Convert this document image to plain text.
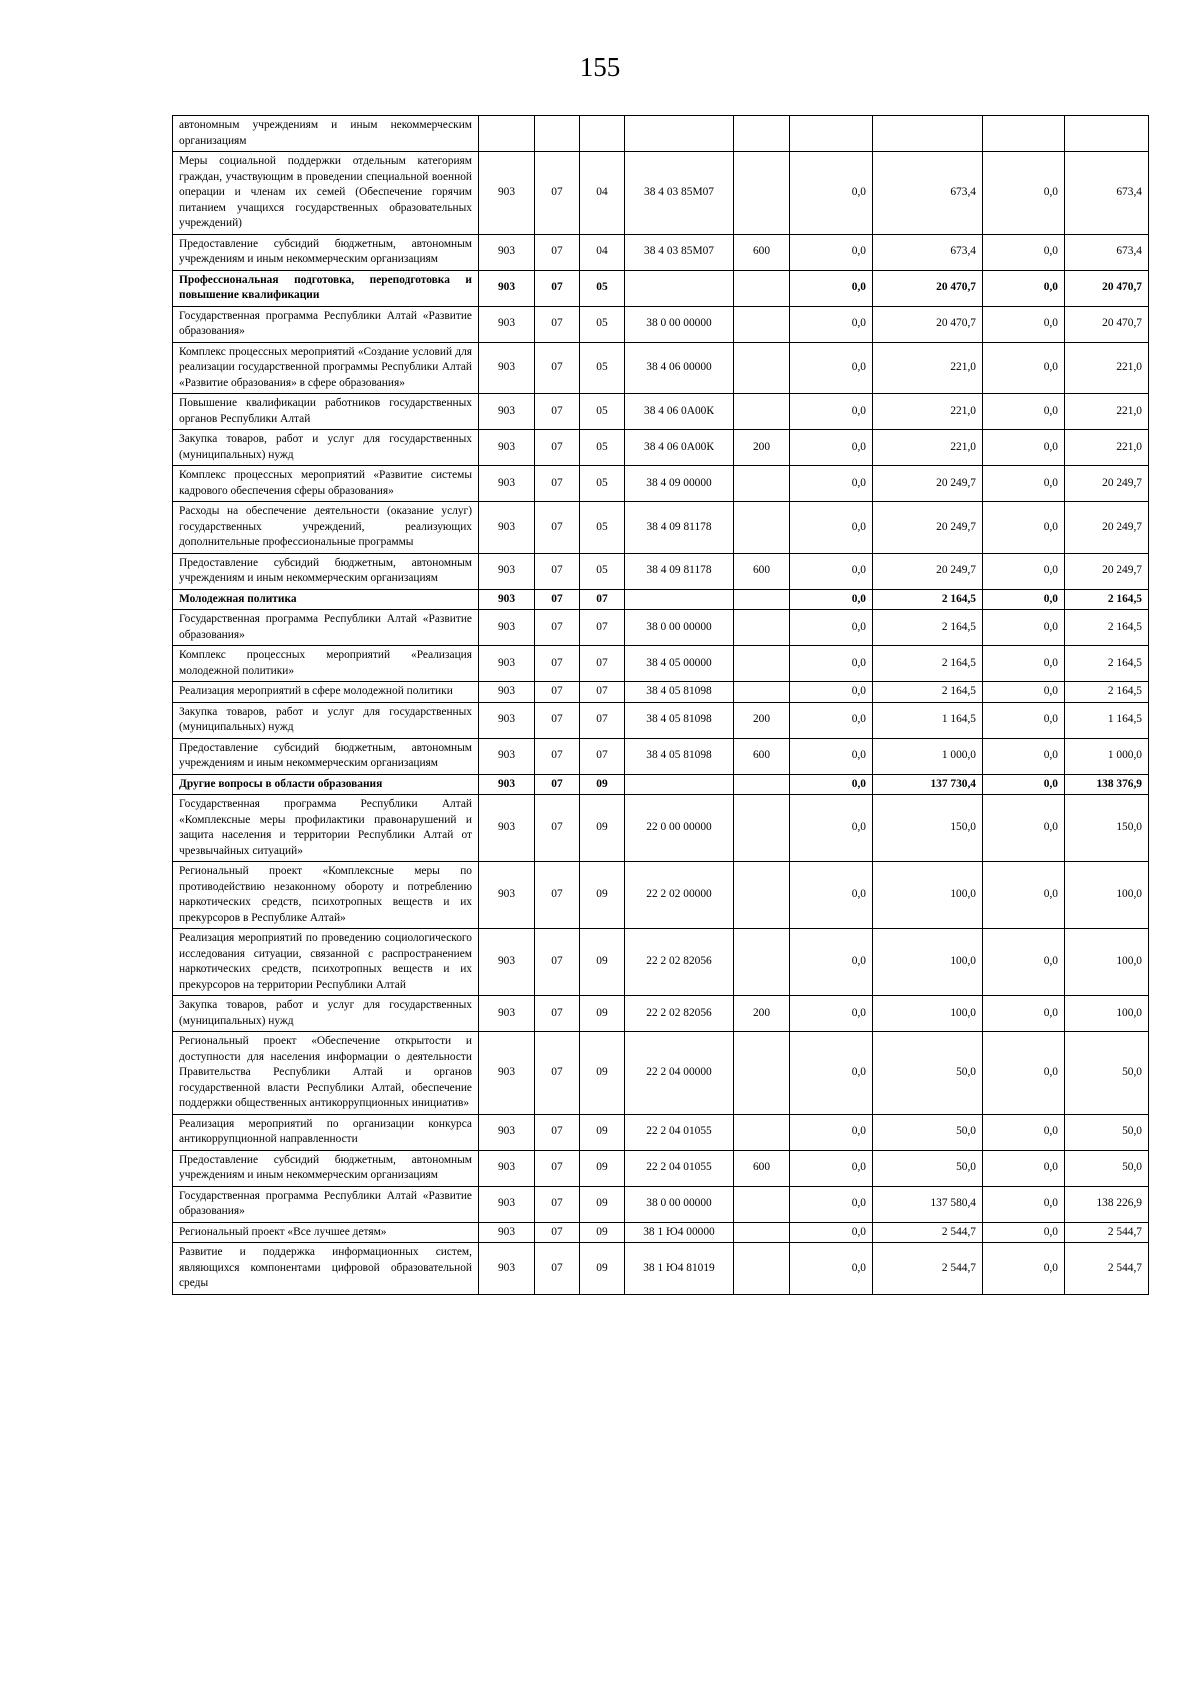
155
автономным учреждениям и иным некоммерческим организациям									
Меры социальной поддержки отдельным категориям граждан, участвующим в проведении специальной военной операции и членам их семей (Обеспечение горячим питанием учащихся государственных образовательных учреждений)	903	07	04	38 4 03 85М07		0,0	673,4	0,0	673,4
Предоставление субсидий бюджетным, автономным учреждениям и иным некоммерческим организациям	903	07	04	38 4 03 85М07	600	0,0	673,4	0,0	673,4
Профессиональная подготовка, переподготовка и повышение квалификации	903	07	05			0,0	20 470,7	0,0	20 470,7
Государственная программа Республики Алтай «Развитие образования»	903	07	05	38 0 00 00000		0,0	20 470,7	0,0	20 470,7
Комплекс процессных мероприятий «Создание условий для реализации государственной программы Республики Алтай «Развитие образования» в сфере образования»	903	07	05	38 4 06 00000		0,0	221,0	0,0	221,0
Повышение квалификации работников государственных органов Республики Алтай	903	07	05	38 4 06 0А00К		0,0	221,0	0,0	221,0
Закупка товаров, работ и услуг для государственных (муниципальных) нужд	903	07	05	38 4 06 0А00К	200	0,0	221,0	0,0	221,0
Комплекс процессных мероприятий «Развитие системы кадрового обеспечения сферы образования»	903	07	05	38 4 09 00000		0,0	20 249,7	0,0	20 249,7
Расходы на обеспечение деятельности (оказание услуг) государственных учреждений, реализующих дополнительные профессиональные программы	903	07	05	38 4 09 81178		0,0	20 249,7	0,0	20 249,7
Предоставление субсидий бюджетным, автономным учреждениям и иным некоммерческим организациям	903	07	05	38 4 09 81178	600	0,0	20 249,7	0,0	20 249,7
Молодежная политика	903	07	07			0,0	2 164,5	0,0	2 164,5
Государственная программа Республики Алтай «Развитие образования»	903	07	07	38 0 00 00000		0,0	2 164,5	0,0	2 164,5
Комплекс процессных мероприятий «Реализация молодежной политики»	903	07	07	38 4 05 00000		0,0	2 164,5	0,0	2 164,5
Реализация мероприятий в сфере молодежной политики	903	07	07	38 4 05 81098		0,0	2 164,5	0,0	2 164,5
Закупка товаров, работ и услуг для государственных (муниципальных) нужд	903	07	07	38 4 05 81098	200	0,0	1 164,5	0,0	1 164,5
Предоставление субсидий бюджетным, автономным учреждениям и иным некоммерческим организациям	903	07	07	38 4 05 81098	600	0,0	1 000,0	0,0	1 000,0
Другие вопросы в области образования	903	07	09			0,0	137 730,4	0,0	138 376,9
Государственная программа Республики Алтай «Комплексные меры профилактики правонарушений и защита населения и территории Республики Алтай от чрезвычайных ситуаций»	903	07	09	22 0 00 00000		0,0	150,0	0,0	150,0
Региональный проект «Комплексные меры по противодействию незаконному обороту и потреблению наркотических средств, психотропных веществ и их прекурсоров в Республике Алтай»	903	07	09	22 2 02 00000		0,0	100,0	0,0	100,0
Реализация мероприятий по проведению социологического исследования ситуации, связанной с распространением наркотических средств, психотропных веществ и их прекурсоров на территории Республики Алтай	903	07	09	22 2 02 82056		0,0	100,0	0,0	100,0
Закупка товаров, работ и услуг для государственных (муниципальных) нужд	903	07	09	22 2 02 82056	200	0,0	100,0	0,0	100,0
Региональный проект «Обеспечение открытости и доступности для населения информации о деятельности Правительства Республики Алтай и органов государственной власти Республики Алтай, обеспечение поддержки общественных антикоррупционных инициатив»	903	07	09	22 2 04 00000		0,0	50,0	0,0	50,0
Реализация мероприятий по организации конкурса антикоррупционной направленности	903	07	09	22 2 04 01055		0,0	50,0	0,0	50,0
Предоставление субсидий бюджетным, автономным учреждениям и иным некоммерческим организациям	903	07	09	22 2 04 01055	600	0,0	50,0	0,0	50,0
Государственная программа Республики Алтай «Развитие образования»	903	07	09	38 0 00 00000		0,0	137 580,4	0,0	138 226,9
Региональный проект «Все лучшее детям»	903	07	09	38 1 Ю4 00000		0,0	2 544,7	0,0	2 544,7
Развитие и поддержка информационных систем, являющихся компонентами цифровой образовательной среды	903	07	09	38 1 Ю4 81019		0,0	2 544,7	0,0	2 544,7
